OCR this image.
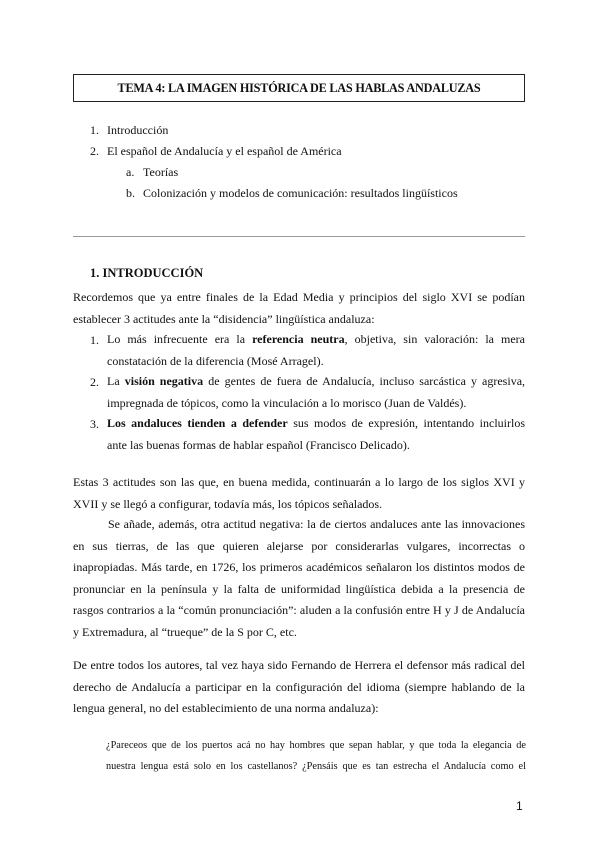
TEMA 4: LA IMAGEN HISTÓRICA DE LAS HABLAS ANDALUZAS
1. Introducción
2. El español de Andalucía y el español de América
a. Teorías
b. Colonización y modelos de comunicación: resultados lingüísticos
1. INTRODUCCIÓN
Recordemos que ya entre finales de la Edad Media y principios del siglo XVI se podían
establecer 3 actitudes ante la “disidencia” lingüística andaluza:
1. Lo más infrecuente era la referencia neutra, objetiva, sin valoración: la mera
constatación de la diferencia (Mosé Arragel).
2. La visión negativa de gentes de fuera de Andalucía, incluso sarcástica y agresiva,
impregnada de tópicos, como la vinculación a lo morisco (Juan de Valdés).
3. Los andaluces tienden a defender sus modos de expresión, intentando incluirlos
ante las buenas formas de hablar español (Francisco Delicado).
Estas 3 actitudes son las que, en buena medida, continuarán a lo largo de los siglos XVI y
XVII y se llegó a configurar, todavía más, los tópicos señalados.
Se añade, además, otra actitud negativa: la de ciertos andaluces ante las innovaciones
en sus tierras, de las que quieren alejarse por considerarlas vulgares, incorrectas o
inapropiadas. Más tarde, en 1726, los primeros académicos señalaron los distintos modos de
pronunciar en la península y la falta de uniformidad lingüística debida a la presencia de
rasgos contrarios a la “común pronunciación”: aluden a la confusión entre H y J de Andalucía
y Extremadura, al “trueque” de la S por C, etc.
De entre todos los autores, tal vez haya sido Fernando de Herrera el defensor más radical del
derecho de Andalucía a participar en la configuración del idioma (siempre hablando de la
lengua general, no del establecimiento de una norma andaluza):
¿Pareceos que de los puertos acá no hay hombres que sepan hablar, y que toda la elegancia de
nuestra lengua está solo en los castellanos? ¿Pensáis que es tan estrecha el Andalucía como el
1
